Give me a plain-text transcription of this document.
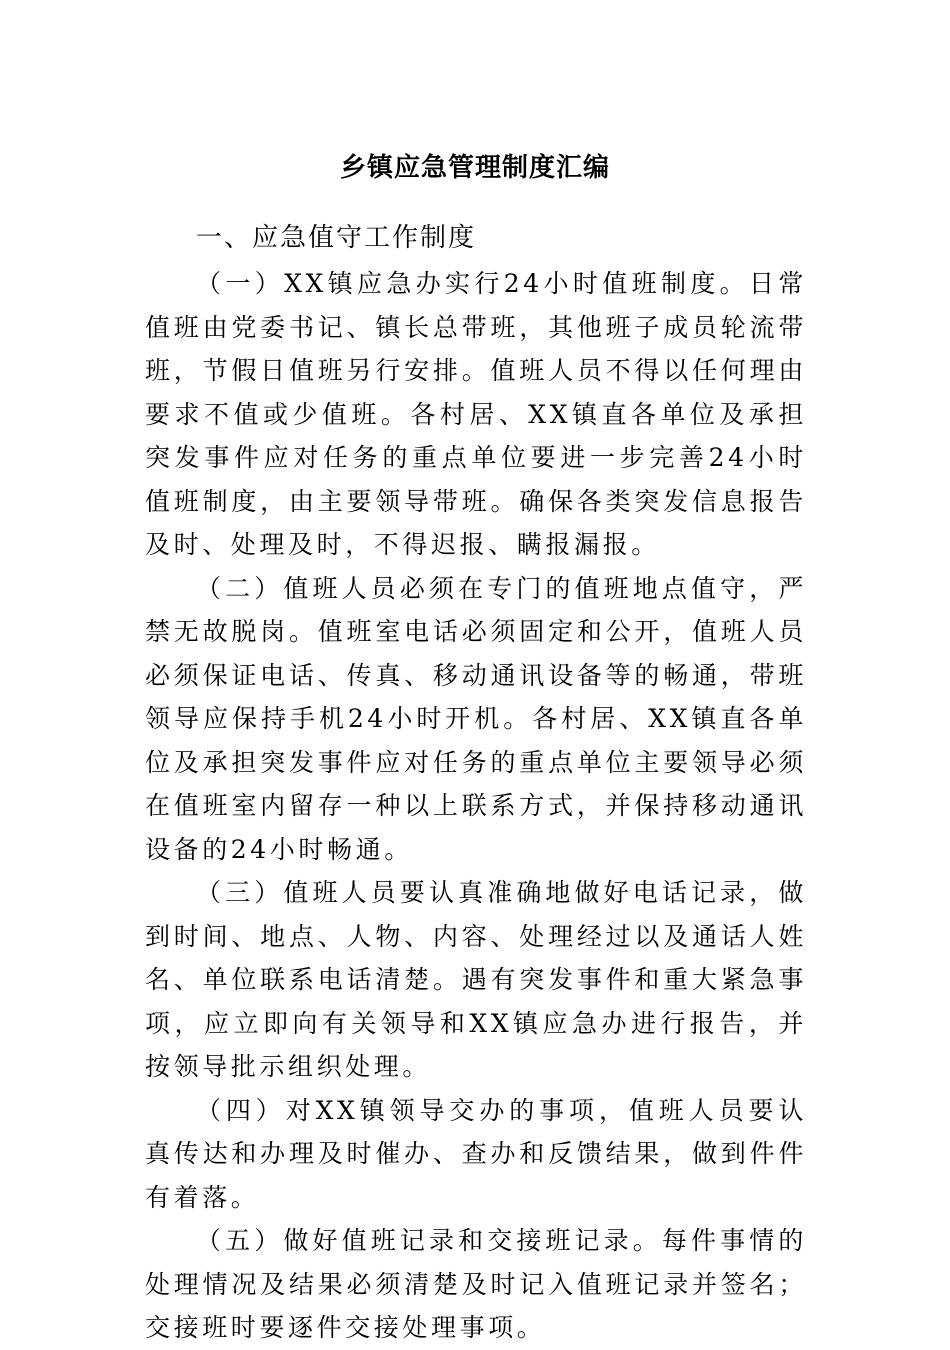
乡镇应急管理制度汇编
一、应急值守工作制度

（一）XX镇应急办实行24小时值班制度。日常值班由党委书记、镇长总带班，其他班子成员轮流带班，节假日值班另行安排。值班人员不得以任何理由要求不值或少值班。各村居、XX镇直各单位及承担突发事件应对任务的重点单位要进一步完善24小时值班制度，由主要领导带班。确保各类突发信息报告及时、处理及时，不得迟报、瞒报漏报。

（二）值班人员必须在专门的值班地点值守，严禁无故脱岗。值班室电话必须固定和公开，值班人员必须保证电话、传真、移动通讯设备等的畅通，带班领导应保持手机24小时开机。各村居、XX镇直各单位及承担突发事件应对任务的重点单位主要领导必须在值班室内留存一种以上联系方式，并保持移动通讯设备的24小时畅通。

（三）值班人员要认真准确地做好电话记录，做到时间、地点、人物、内容、处理经过以及通话人姓名、单位联系电话清楚。遇有突发事件和重大紧急事项，应立即向有关领导和XX镇应急办进行报告，并按领导批示组织处理。

（四）对XX镇领导交办的事项，值班人员要认真传达和办理及时催办、查办和反馈结果，做到件件有着落。

（五）做好值班记录和交接班记录。每件事情的处理情况及结果必须清楚及时记入值班记录并签名；交接班时要逐件交接处理事项。
